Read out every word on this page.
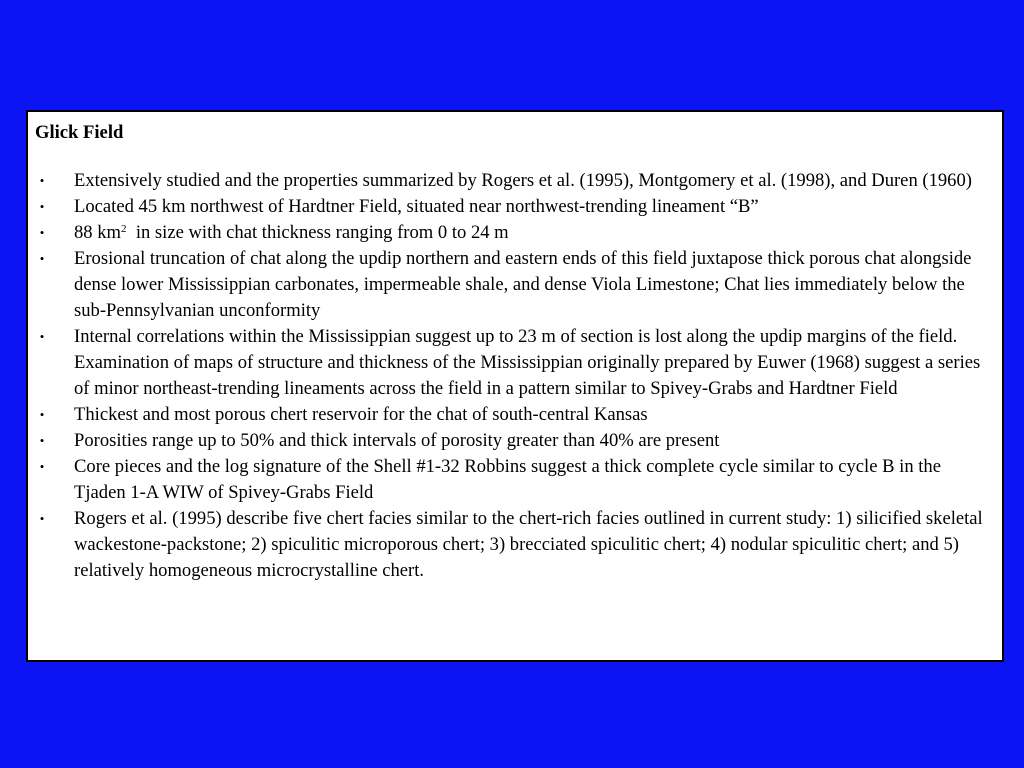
Glick Field
• Extensively studied and the properties summarized by Rogers et al. (1995), Montgomery et al. (1998), and Duren (1960)
• Located 45 km northwest of Hardtner Field, situated near northwest-trending lineament “B”
• 88 $km^2$  in size with chat thickness ranging from 0 to 24 m
• Erosional truncation of chat along the updip northern and eastern ends of this field juxtapose thick porous chat alongside dense lower Mississippian carbonates, impermeable shale, and dense Viola Limestone; Chat lies immediately below the sub-Pennsylvanian unconformity
• Internal correlations within the Mississippian suggest up to 23 m of section is lost along the updip margins of the field. Examination of maps of structure and thickness of the Mississippian originally prepared by Euwer (1968) suggest a series of minor northeast-trending lineaments across the field in a pattern similar to Spivey-Grabs and Hardtner Field
• Thickest and most porous chert reservoir for the chat of south-central Kansas
• Porosities range up to 50% and thick intervals of porosity greater than 40% are present
• Core pieces and the log signature of the Shell #1-32 Robbins suggest a thick complete cycle similar to cycle B in the Tjaden 1-A WIW of Spivey-Grabs Field
• Rogers et al. (1995) describe five chert facies similar to the chert-rich facies outlined in current study: 1) silicified skeletal wackestone-packstone; 2) spiculitic microporous chert; 3) brecciated spiculitic chert; 4) nodular spiculitic chert; and 5) relatively homogeneous microcrystalline chert.
